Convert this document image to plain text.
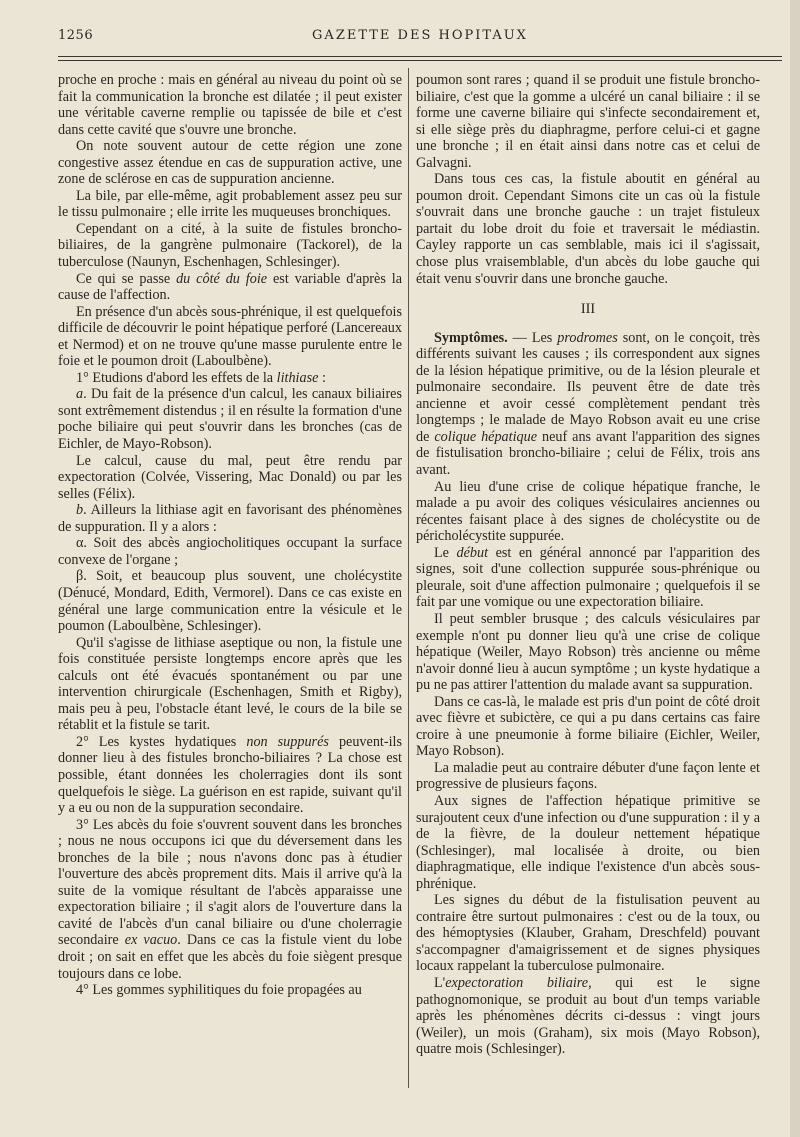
1256	GAZETTE DES HOPITAUX

proche en proche : mais en général au niveau du point où se fait la communication la bronche est dilatée ; il peut exister une véritable caverne remplie ou tapissée de bile et c'est dans cette cavité que s'ouvre une bronche.

On note souvent autour de cette région une zone congestive assez étendue en cas de suppuration active, une zone de sclérose en cas de suppuration ancienne.

La bile, par elle-même, agit probablement assez peu sur le tissu pulmonaire ; elle irrite les muqueuses bronchiques.

Cependant on a cité, à la suite de fistules broncho-biliaires, de la gangrène pulmonaire (Tackorel), de la tuberculose (Naunyn, Eschenhagen, Schlesinger).

Ce qui se passe du côté du foie est variable d'après la cause de l'affection.

En présence d'un abcès sous-phrénique, il est quelquefois difficile de découvrir le point hépatique perforé (Lancereaux et Nermod) et on ne trouve qu'une masse purulente entre le foie et le poumon droit (Laboulbène).

1° Etudions d'abord les effets de la lithiase :

a. Du fait de la présence d'un calcul, les canaux biliaires sont extrêmement distendus ; il en résulte la formation d'une poche biliaire qui peut s'ouvrir dans les bronches (cas de Eichler, de Mayo-Robson).

Le calcul, cause du mal, peut être rendu par expectoration (Colvée, Vissering, Mac Donald) ou par les selles (Félix).

b. Ailleurs la lithiase agit en favorisant des phénomènes de suppuration. Il y a alors :

α. Soit des abcès angiocholitiques occupant la surface convexe de l'organe ;

β. Soit, et beaucoup plus souvent, une cholécystite (Dénucé, Mondard, Edith, Vermorel). Dans ce cas existe en général une large communication entre la vésicule et le poumon (Laboulbène, Schlesinger).

Qu'il s'agisse de lithiase aseptique ou non, la fistule une fois constituée persiste longtemps encore après que les calculs ont été évacués spontanément ou par une intervention chirurgicale (Eschenhagen, Smith et Rigby), mais peu à peu, l'obstacle étant levé, le cours de la bile se rétablit et la fistule se tarit.

2° Les kystes hydatiques non suppurés peuvent-ils donner lieu à des fistules broncho-biliaires ? La chose est possible, étant données les cholerragies dont ils sont quelquefois le siège. La guérison en est rapide, suivant qu'il y a eu ou non de la suppuration secondaire.

3° Les abcès du foie s'ouvrent souvent dans les bronches ; nous ne nous occupons ici que du déversement dans les bronches de la bile ; nous n'avons donc pas à étudier l'ouverture des abcès proprement dits. Mais il arrive qu'à la suite de la vomique résultant de l'abcès apparaisse une expectoration biliaire ; il s'agit alors de l'ouverture dans la cavité de l'abcès d'un canal biliaire ou d'une cholerragie secondaire ex vacuo. Dans ce cas la fistule vient du lobe droit ; on sait en effet que les abcès du foie siègent presque toujours dans ce lobe.

4° Les gommes syphilitiques du foie propagées au

poumon sont rares ; quand il se produit une fistule broncho-biliaire, c'est que la gomme a ulcéré un canal biliaire : il se forme une caverne biliaire qui s'infecte secondairement et, si elle siège près du diaphragme, perfore celui-ci et gagne une bronche ; il en était ainsi dans notre cas et celui de Galvagni.

Dans tous ces cas, la fistule aboutit en général au poumon droit. Cependant Simons cite un cas où la fistule s'ouvrait dans une bronche gauche : un trajet fistuleux partait du lobe droit du foie et traversait le médiastin. Cayley rapporte un cas semblable, mais ici il s'agissait, chose plus vraisemblable, d'un abcès du lobe gauche qui était venu s'ouvrir dans une bronche gauche.

III

Symptômes. — Les prodromes sont, on le conçoit, très différents suivant les causes ; ils correspondent aux signes de la lésion hépatique primitive, ou de la lésion pleurale et pulmonaire secondaire. Ils peuvent être de date très ancienne et avoir cessé complètement pendant très longtemps ; le malade de Mayo Robson avait eu une crise de colique hépatique neuf ans avant l'apparition des signes de fistulisation broncho-biliaire ; celui de Félix, trois ans avant.

Au lieu d'une crise de colique hépatique franche, le malade a pu avoir des coliques vésiculaires anciennes ou récentes faisant place à des signes de cholécystite ou de péricholécystite suppurée.

Le début est en général annoncé par l'apparition des signes, soit d'une collection suppurée sous-phrénique ou pleurale, soit d'une affection pulmonaire ; quelquefois il se fait par une vomique ou une expectoration biliaire.

Il peut sembler brusque ; des calculs vésiculaires par exemple n'ont pu donner lieu qu'à une crise de colique hépatique (Weiler, Mayo Robson) très ancienne ou même n'avoir donné lieu à aucun symptôme ; un kyste hydatique a pu ne pas attirer l'attention du malade avant sa suppuration.

Dans ce cas-là, le malade est pris d'un point de côté droit avec fièvre et subictère, ce qui a pu dans certains cas faire croire à une pneumonie à forme biliaire (Eichler, Weiler, Mayo Robson).

La maladie peut au contraire débuter d'une façon lente et progressive de plusieurs façons.

Aux signes de l'affection hépatique primitive se surajoutent ceux d'une infection ou d'une suppuration : il y a de la fièvre, de la douleur nettement hépatique (Schlesinger), mal localisée à droite, ou bien diaphragmatique, elle indique l'existence d'un abcès sous-phrénique.

Les signes du début de la fistulisation peuvent au contraire être surtout pulmonaires : c'est ou de la toux, ou des hémoptysies (Klauber, Graham, Dreschfeld) pouvant s'accompagner d'amaigrissement et de signes physiques locaux rappelant la tuberculose pulmonaire.

L'expectoration biliaire, qui est le signe pathognomonique, se produit au bout d'un temps variable après les phénomènes décrits ci-dessus : vingt jours (Weiler), un mois (Graham), six mois (Mayo Robson), quatre mois (Schlesinger).
